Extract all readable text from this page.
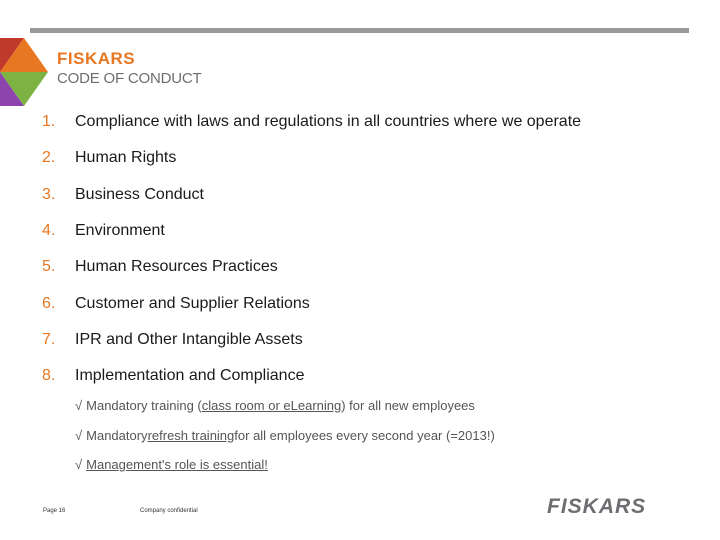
FISKARS
CODE OF CONDUCT
1.	Compliance with laws and regulations in all countries where we operate
2.	Human Rights
3.	Business Conduct
4.	Environment
5.	Human Resources Practices
6.	Customer and Supplier Relations
7.	IPR and Other Intangible Assets
8.	Implementation and Compliance
√ Mandatory training ( class room or eLearning ) for all new employees
√ Mandatory refresh training for all employees every second year (=2013!)
√ Management's role is essential!
Page 16	Company confidential	FISKARS
